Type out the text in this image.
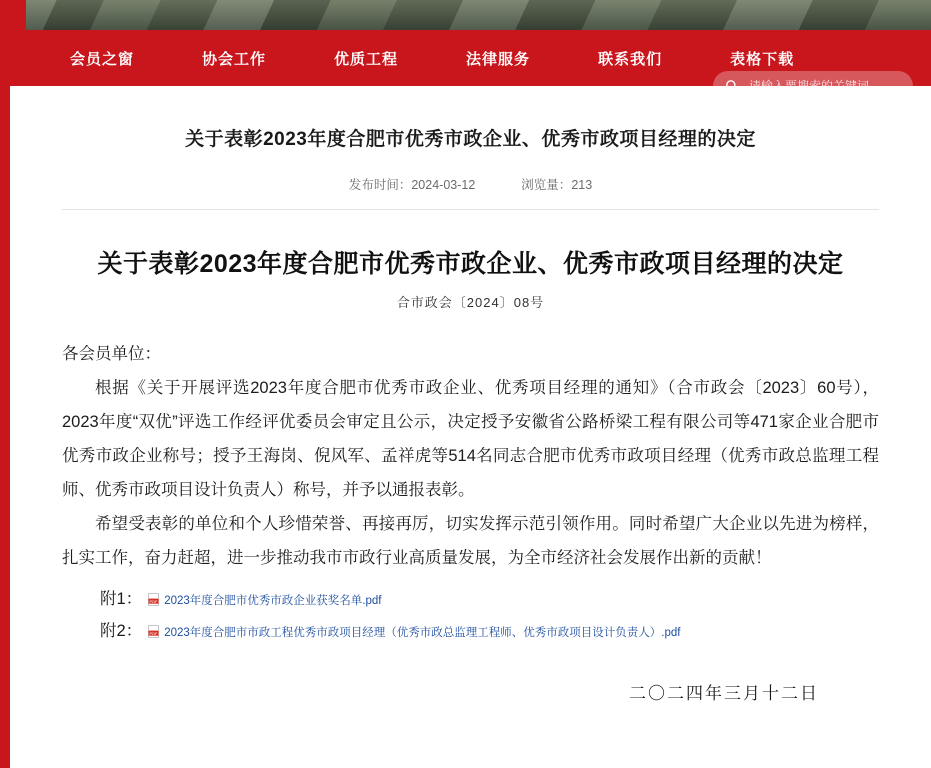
会员之窗	协会工作	优质工程	法律服务	联系我们	表格下载
请输入要搜索的关键词
关于表彰2023年度合肥市优秀市政企业、优秀市政项目经理的决定
发布时间：2024-03-12	浏览量：213
关于表彰2023年度合肥市优秀市政企业、优秀市政项目经理的决定
合市政会〔2024〕08号

各会员单位：

根据《关于开展评选2023年度合肥市优秀市政企业、优秀项目经理的通知》（合市政会〔2023〕60号），2023年度“双优”评选工作经评优委员会审定且公示，决定授予安徽省公路桥梁工程有限公司等471家企业合肥市优秀市政企业称号；授予王海岗、倪风军、孟祥虎等514名同志合肥市优秀市政项目经理（优秀市政总监理工程师、优秀市政项目设计负责人）称号，并予以通报表彰。

希望受表彰的单位和个人珍惜荣誉、再接再厉，切实发挥示范引领作用。同时希望广大企业以先进为榜样，扎实工作，奋力赶超，进一步推动我市市政行业高质量发展，为全市经济社会发展作出新的贡献！

附1： PDF 2023年度合肥市优秀市政企业获奖名单.pdf
附2： PDF 2023年度合肥市市政工程优秀市政项目经理（优秀市政总监理工程师、优秀市政项目设计负责人）.pdf
二〇二四年三月十二日
